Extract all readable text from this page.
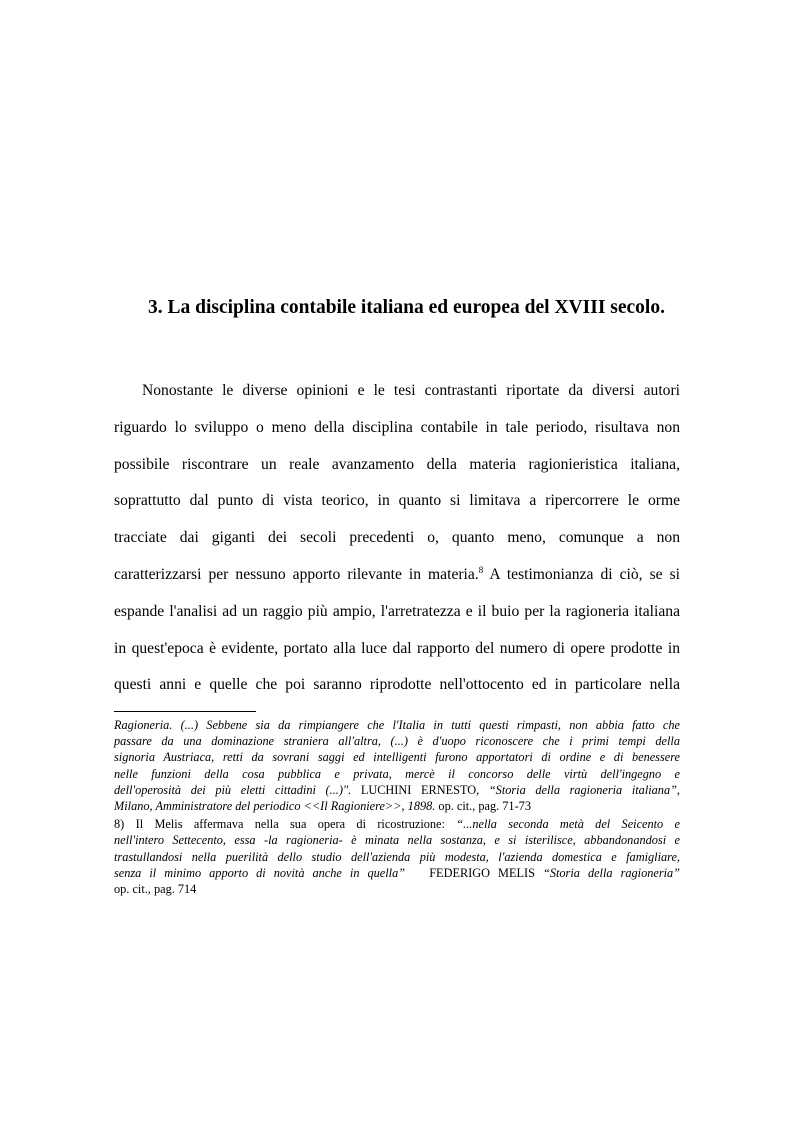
3. La disciplina contabile italiana ed europea del XVIII secolo.
Nonostante le diverse opinioni e le tesi contrastanti riportate da diversi autori
riguardo lo sviluppo o meno della disciplina contabile in tale periodo, risultava non
possibile riscontrare un reale avanzamento della materia ragionieristica italiana,
soprattutto dal punto di vista teorico, in quanto si limitava a ripercorrere le orme
tracciate dai giganti dei secoli precedenti o, quanto meno, comunque a non
caratterizzarsi per nessuno apporto rilevante in materia.$^8$ A testimonianza di ciò, se si
espande l'analisi ad un raggio più ampio, l'arretratezza e il buio per la ragioneria italiana
in quest'epoca è evidente, portato alla luce dal rapporto del numero di opere prodotte in
questi anni e quelle che poi saranno riprodotte nell'ottocento ed in particolare nella
Ragioneria. (...) Sebbene sia da rimpiangere che l'Italia in tutti questi rimpasti, non abbia fatto che
passare da una dominazione straniera all'altra, (...) è d'uopo riconoscere che i primi tempi della
signoria Austriaca, retti da sovrani saggi ed intelligenti furono apportatori di ordine e di benessere
nelle funzioni della cosa pubblica e privata, mercè il concorso delle virtù dell'ingegno e
dell'operosità dei più eletti cittadini (...)". LUCHINI ERNESTO, “Storia della ragioneria italiana”,
Milano, Amministratore del periodico <<Il Ragioniere>>, 1898. op. cit., pag. 71-73
8) Il Melis affermava nella sua opera di ricostruzione: “...nella seconda metà del Seicento e
nell'intero Settecento, essa -la ragioneria- è minata nella sostanza, e si isterilisce, abbandonandosi e
trastullandosi nella puerilità dello studio dell'azienda più modesta, l'azienda domestica e famigliare,
senza il minimo apporto di novità anche in quella” FEDERIGO MELIS “Storia della ragioneria”
op. cit., pag. 714
